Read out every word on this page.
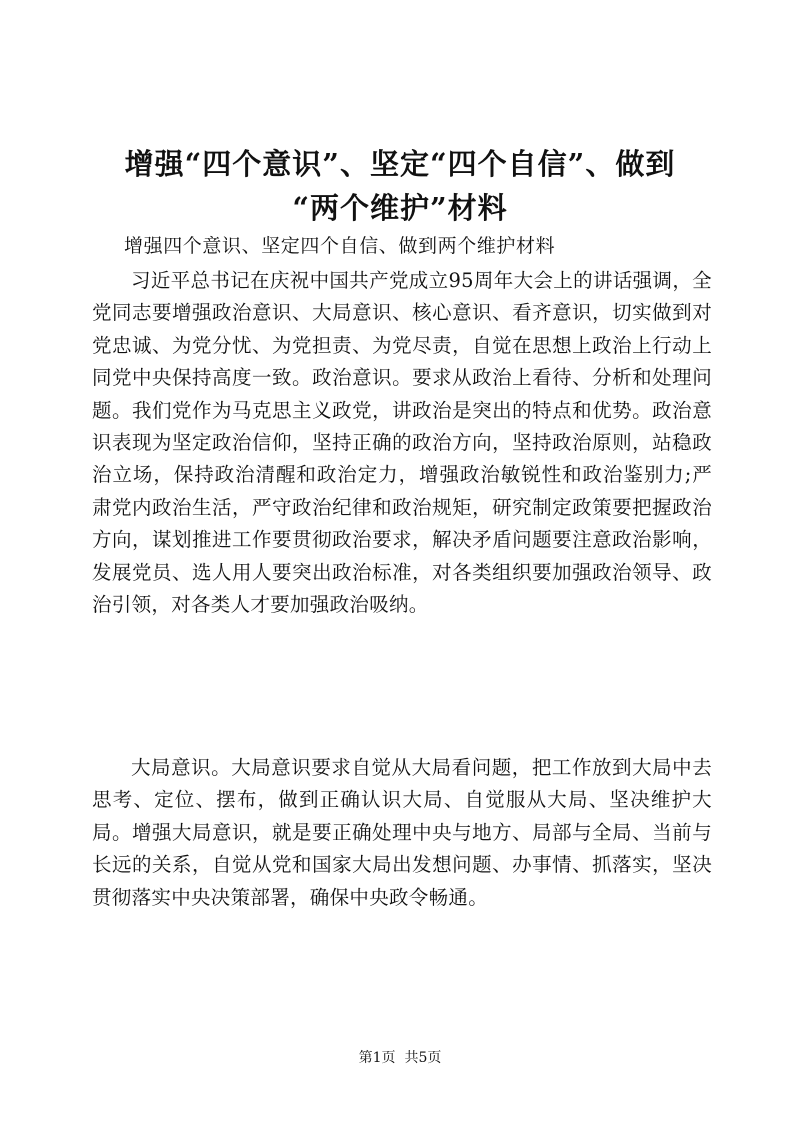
增强“四个意识”、坚定“四个自信”、做到
“两个维护”材料
增强四个意识、坚定四个自信、做到两个维护材料

习近平总书记在庆祝中国共产党成立95周年大会上的讲话强调，全党同志要增强政治意识、大局意识、核心意识、看齐意识，切实做到对党忠诚、为党分忧、为党担责、为党尽责，自觉在思想上政治上行动上同党中央保持高度一致。政治意识。要求从政治上看待、分析和处理问题。我们党作为马克思主义政党，讲政治是突出的特点和优势。政治意识表现为坚定政治信仰，坚持正确的政治方向，坚持政治原则，站稳政治立场，保持政治清醒和政治定力，增强政治敏锐性和政治鉴别力;严肃党内政治生活，严守政治纪律和政治规矩，研究制定政策要把握政治方向，谋划推进工作要贯彻政治要求，解决矛盾问题要注意政治影响，发展党员、选人用人要突出政治标准，对各类组织要加强政治领导、政治引领，对各类人才要加强政治吸纳。

大局意识。大局意识要求自觉从大局看问题，把工作放到大局中去思考、定位、摆布，做到正确认识大局、自觉服从大局、坚决维护大局。增强大局意识，就是要正确处理中央与地方、局部与全局、当前与长远的关系，自觉从党和国家大局出发想问题、办事情、抓落实，坚决贯彻落实中央决策部署，确保中央政令畅通。

第1页 共5页
